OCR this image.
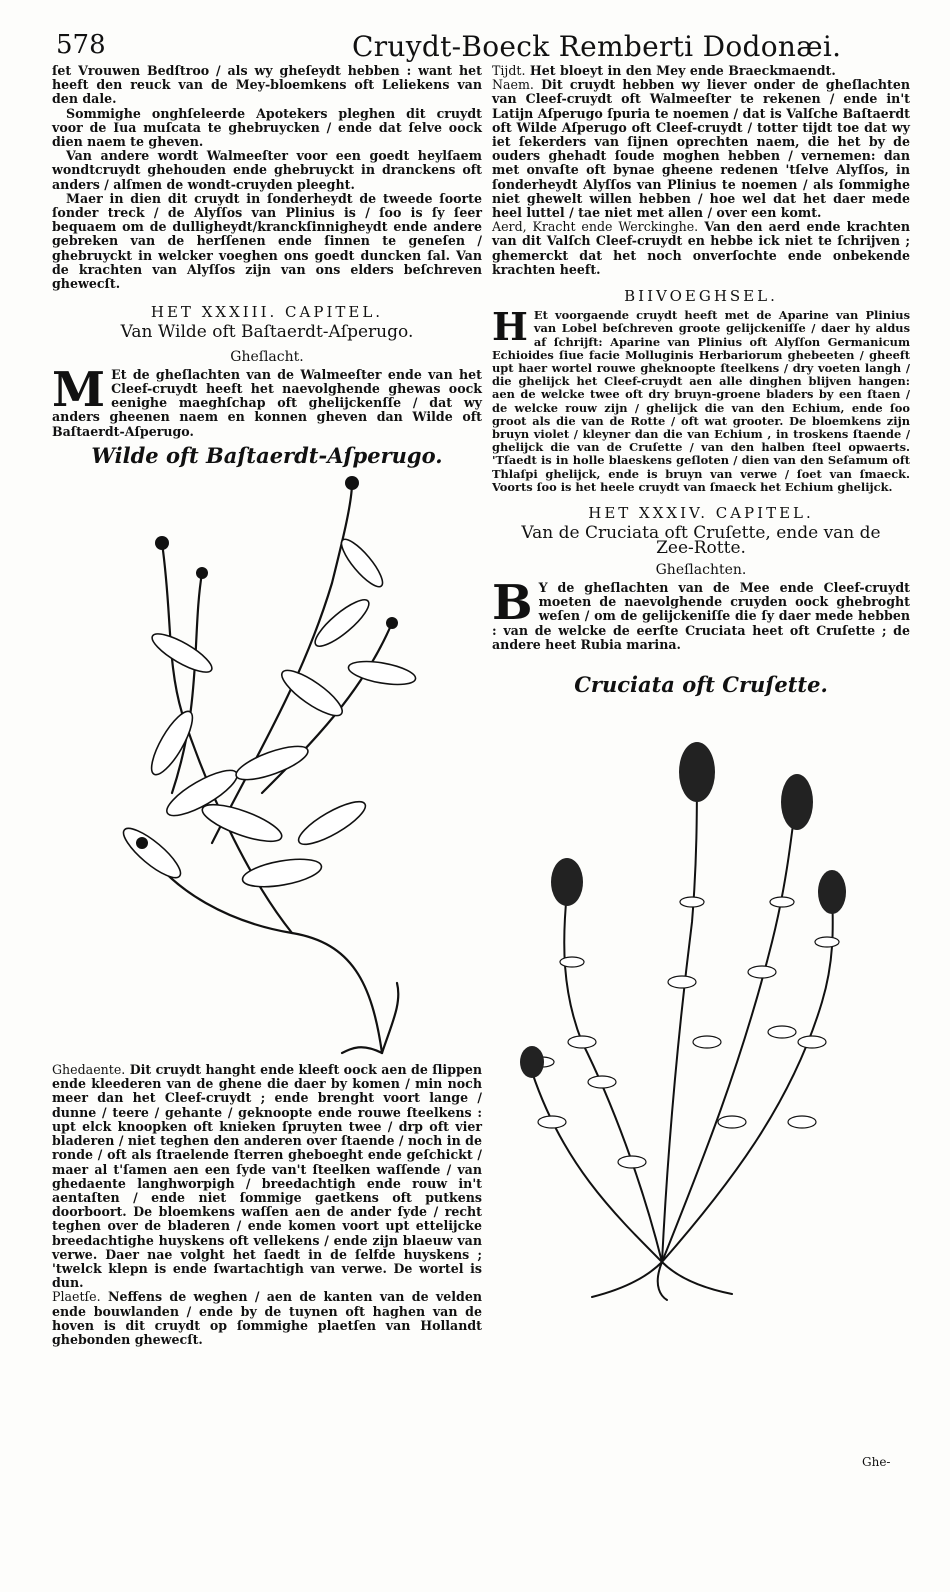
578	Cruydt-Boeck Remberti Dodonæi.

ſet Vrouwen Bedſtroo / als wy gheſeydt hebben : want het heeft den reuck van de Mey-bloemkens oft Leliekens van den dale.

Sommighe onghſeleerde Apotekers pleghen dit cruydt voor de Iua muſcata te ghebruycken / ende dat ſelve oock dien naem te gheven.

Van andere wordt Walmeeſter voor een goedt heylſaem wondtcruydt ghehouden ende ghebruyckt in dranckens oft anders / alſmen de wondt-cruyden pleeght.

Maer in dien dit cruydt in ſonderheydt de tweede ſoorte ſonder treck / de Alyſſos van Plinius is / ſoo is ſy ſeer bequaem om de dulligheydt/kranckſinnigheydt ende andere gebreken van de herſſenen ende ſinnen te geneſen / ghebruyckt in welcker voeghen ons goedt duncken ſal. Van de krachten van Alyſſos zijn van ons elders beſchreven ghewecſt.

HET XXXIII. CAPITEL.

Van Wilde oft Baſtaerdt-Aſperugo.

Gheſlacht.

M Et de gheſlachten van de Walmeeſter ende van het Cleef-cruydt heeft het naevolghende ghewas oock eenighe maeghſchap oft ghelijckenſſe / dat wy anders gheenen naem en konnen gheven dan Wilde oft Baſtaerdt-Aſperugo.

Wilde oft Baſtaerdt-Aſperugo.

Ghedaente. Dit cruydt hanght ende kleeft oock aen de ſlippen ende kleederen van de ghene die daer by komen / min noch meer dan het Cleef-cruydt ; ende brenght voort lange / dunne / teere / gehante / geknoopte ende rouwe ſteelkens : upt elck knoopken oft knieken ſpruyten twee / drp oft vier bladeren / niet teghen den anderen over ſtaende / noch in de ronde / oft als ſtraelende ſterren gheboeght ende geſchickt / maer al t'ſamen aen een ſyde van't ſteelken waſſende / van ghedaente langhworpigh / breedachtigh ende rouw in't aentaſten / ende niet ſommige gaetkens oft putkens doorboort. De bloemkens waſſen aen de ander ſyde / recht teghen over de bladeren / ende komen voort upt ettelijcke breedachtighe huyskens oft vellekens / ende zijn blaeuw van verwe. Daer nae volght het ſaedt in de ſelfde huyskens ; 'twelck klepn is ende ſwartachtigh van verwe. De wortel is dun.
Plaetſe. Neffens de weghen / aen de kanten van de velden ende bouwlanden / ende by de tuynen oft haghen van de hoven is dit cruydt op ſommighe plaetſen van Hollandt ghebonden ghewecſt.
Tijdt. Het bloeyt in den Mey ende Braeckmaendt.
Naem. Dit cruydt hebben wy liever onder de gheſlachten van Cleef-cruydt oft Walmeeſter te rekenen / ende in't Latijn Aſperugo ſpuria te noemen / dat is Valſche Baſtaerdt oft Wilde Aſperugo oft Cleef-cruydt / totter tijdt toe dat wy iet ſekerders van ſijnen oprechten naem, die het by de ouders ghehadt ſoude moghen hebben / vernemen: dan met onvaſte oft bynae gheene redenen 'tſelve Alyſſos, in ſonderheydt Alyſſos van Plinius te noemen / als ſommighe niet ghewelt willen hebben / hoe wel dat het daer mede heel luttel / tae niet met allen / over een komt.
Aerd, Kracht ende Werckinghe. Van den aerd ende krachten van dit Valſch Cleef-cruydt en hebbe ick niet te ſchrijven ; ghemerckt dat het noch onverſochte ende onbekende krachten heeft.

BIIVOEGHSEL.

H Et voorgaende cruydt heeft met de Aparine van Plinius van Lobel beſchreven groote gelijckeniſſe / daer hy aldus af ſchrijft: Aparine van Plinius oft Alyſſon Germanicum Echioides ſiue facie Molluginis Herbariorum ghebeeten / gheeft upt haer wortel rouwe gheknoopte ſteelkens / dry voeten langh / die ghelijck het Cleef-cruydt aen alle dinghen blijven hangen: aen de welcke twee oft dry bruyn-groene bladers by een ſtaen / de welcke rouw zijn / ghelijck die van den Echium, ende ſoo groot als die van de Rotte / oft wat grooter. De bloemkens zijn bruyn violet / kleyner dan die van Echium , in troskens ſtaende / ghelijck die van de Cruſette / van den halben ſteel opwaerts. 'Tſaedt is in holle blaeskens geſloten / dien van den Seſamum oft Thlaſpi ghelijck, ende is bruyn van verwe / ſoet van ſmaeck. Voorts ſoo is het heele cruydt van ſmaeck het Echium ghelijck.

HET XXXIV. CAPITEL.

Van de Cruciata oft Cruſette, ende van de

Zee-Rotte.

Gheſlachten.

B Y de gheſlachten van de Mee ende Cleef-cruydt moeten de naevolghende cruyden oock ghebroght weſen / om de gelijckeniſſe die ſy daer mede hebben : van de welcke de eerſte Cruciata heet oft Cruſette ; de andere heet Rubia marina.

Cruciata oft Cruſette.

Ghe-
